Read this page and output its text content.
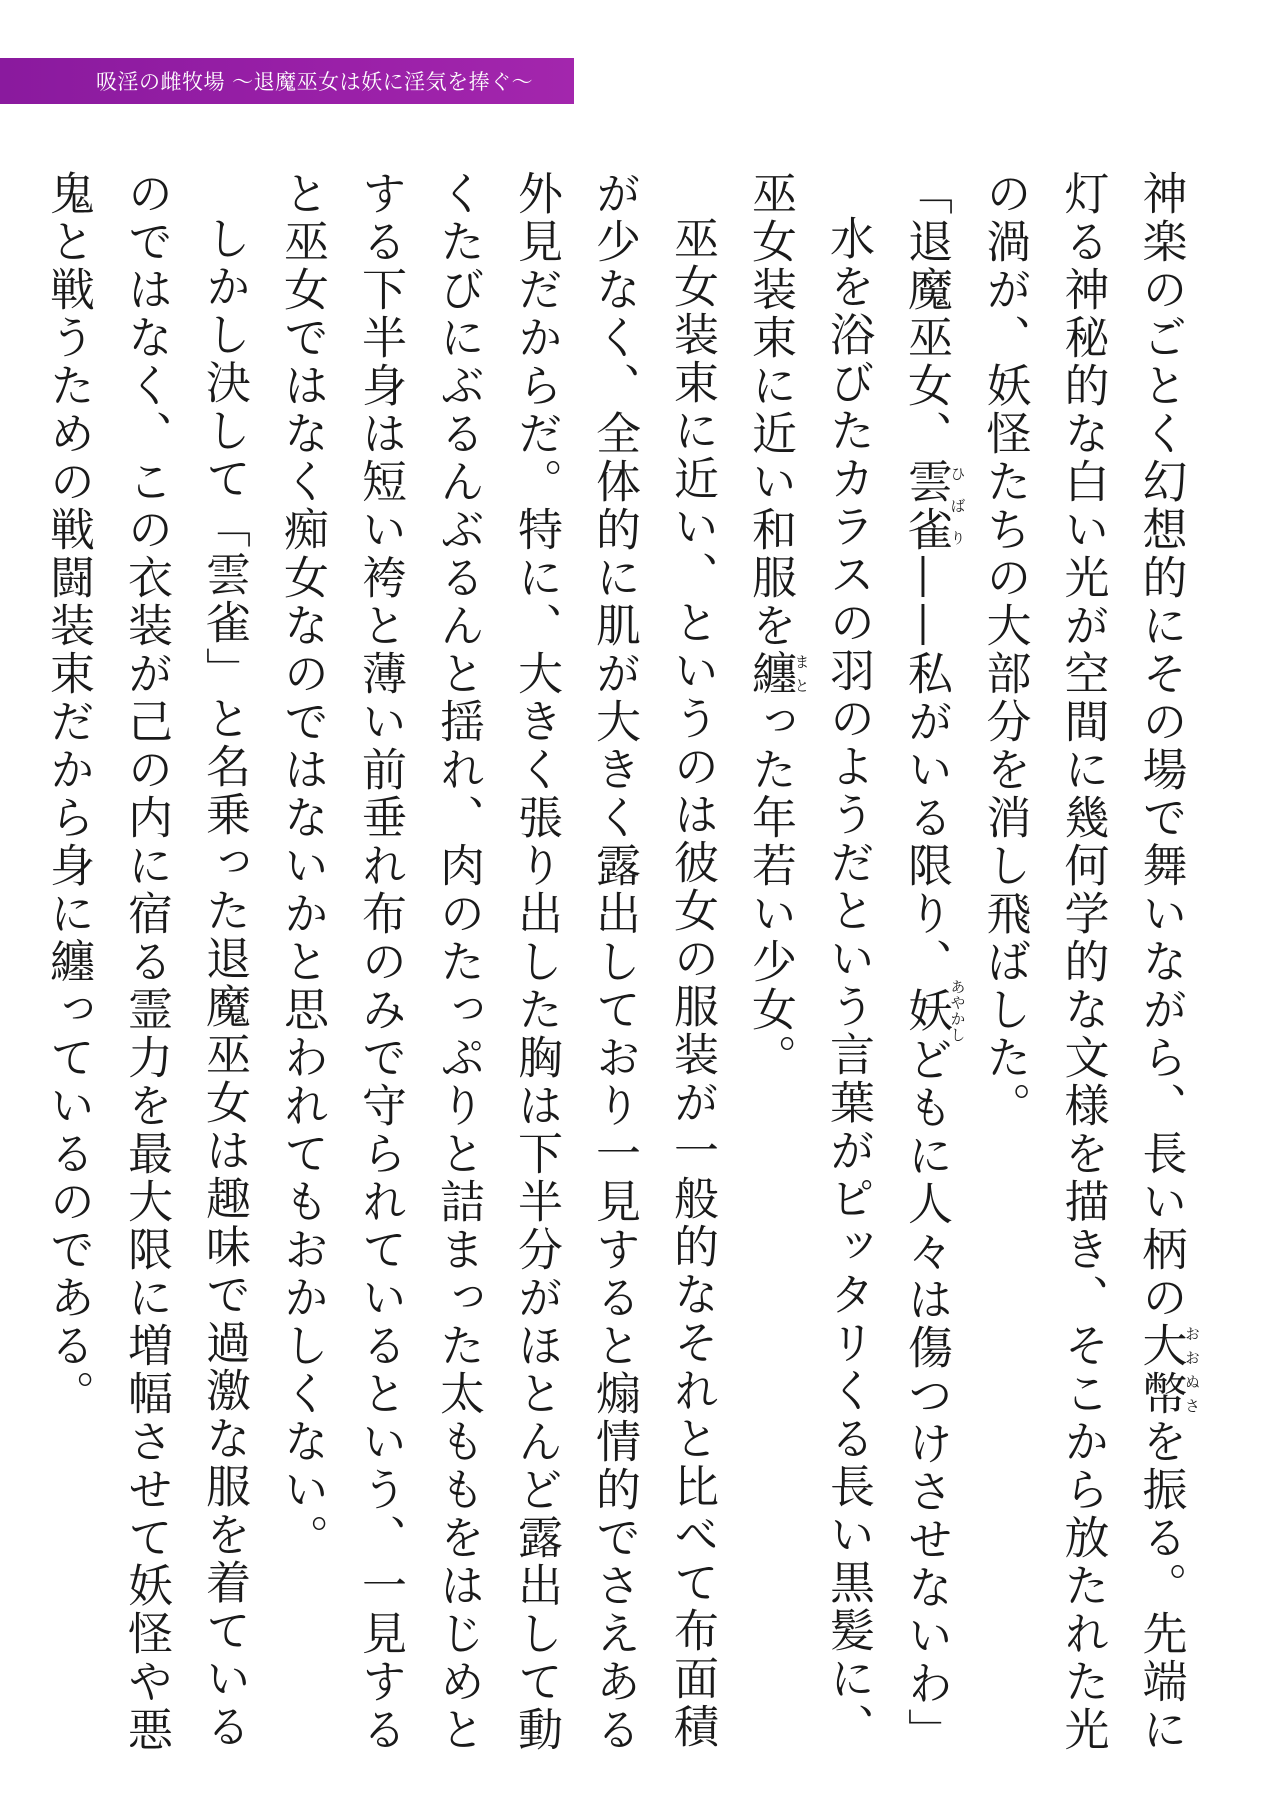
吸淫の雌牧場 〜退魔巫女は妖に淫気を捧ぐ〜

神楽のごとく幻想的にその場で舞いながら、長い柄の大幣おおぬさを振る。先端に灯る神秘的な白い光が空間に幾何学的な文様を描き、そこから放たれた光の渦が、妖怪たちの大部分を消し飛ばした。

「退魔巫女、雲雀ひばり——私がいる限り、妖あやかしどもに人々は傷つけさせないわ」

水を浴びたカラスの羽のようだという言葉がピッタリくる長い黒髪に、巫女装束に近い和服を纏まとった年若い少女。

巫女装束に近い、というのは彼女の服装が一般的なそれと比べて布面積が少なく、全体的に肌が大きく露出しており一見すると煽情的でさえある外見だからだ。特に、大きく張り出した胸は下半分がほとんど露出して動くたびにぶるんぶるんと揺れ、肉のたっぷりと詰まった太ももをはじめとする下半身は短い袴と薄い前垂れ布のみで守られているという、一見すると巫女ではなく痴女なのではないかと思われてもおかしくない。

しかし決して「雲雀」と名乗った退魔巫女は趣味で過激な服を着ているのではなく、この衣装が己の内に宿る霊力を最大限に増幅させて妖怪や悪鬼と戦うための戦闘装束だから身に纏っているのである。
